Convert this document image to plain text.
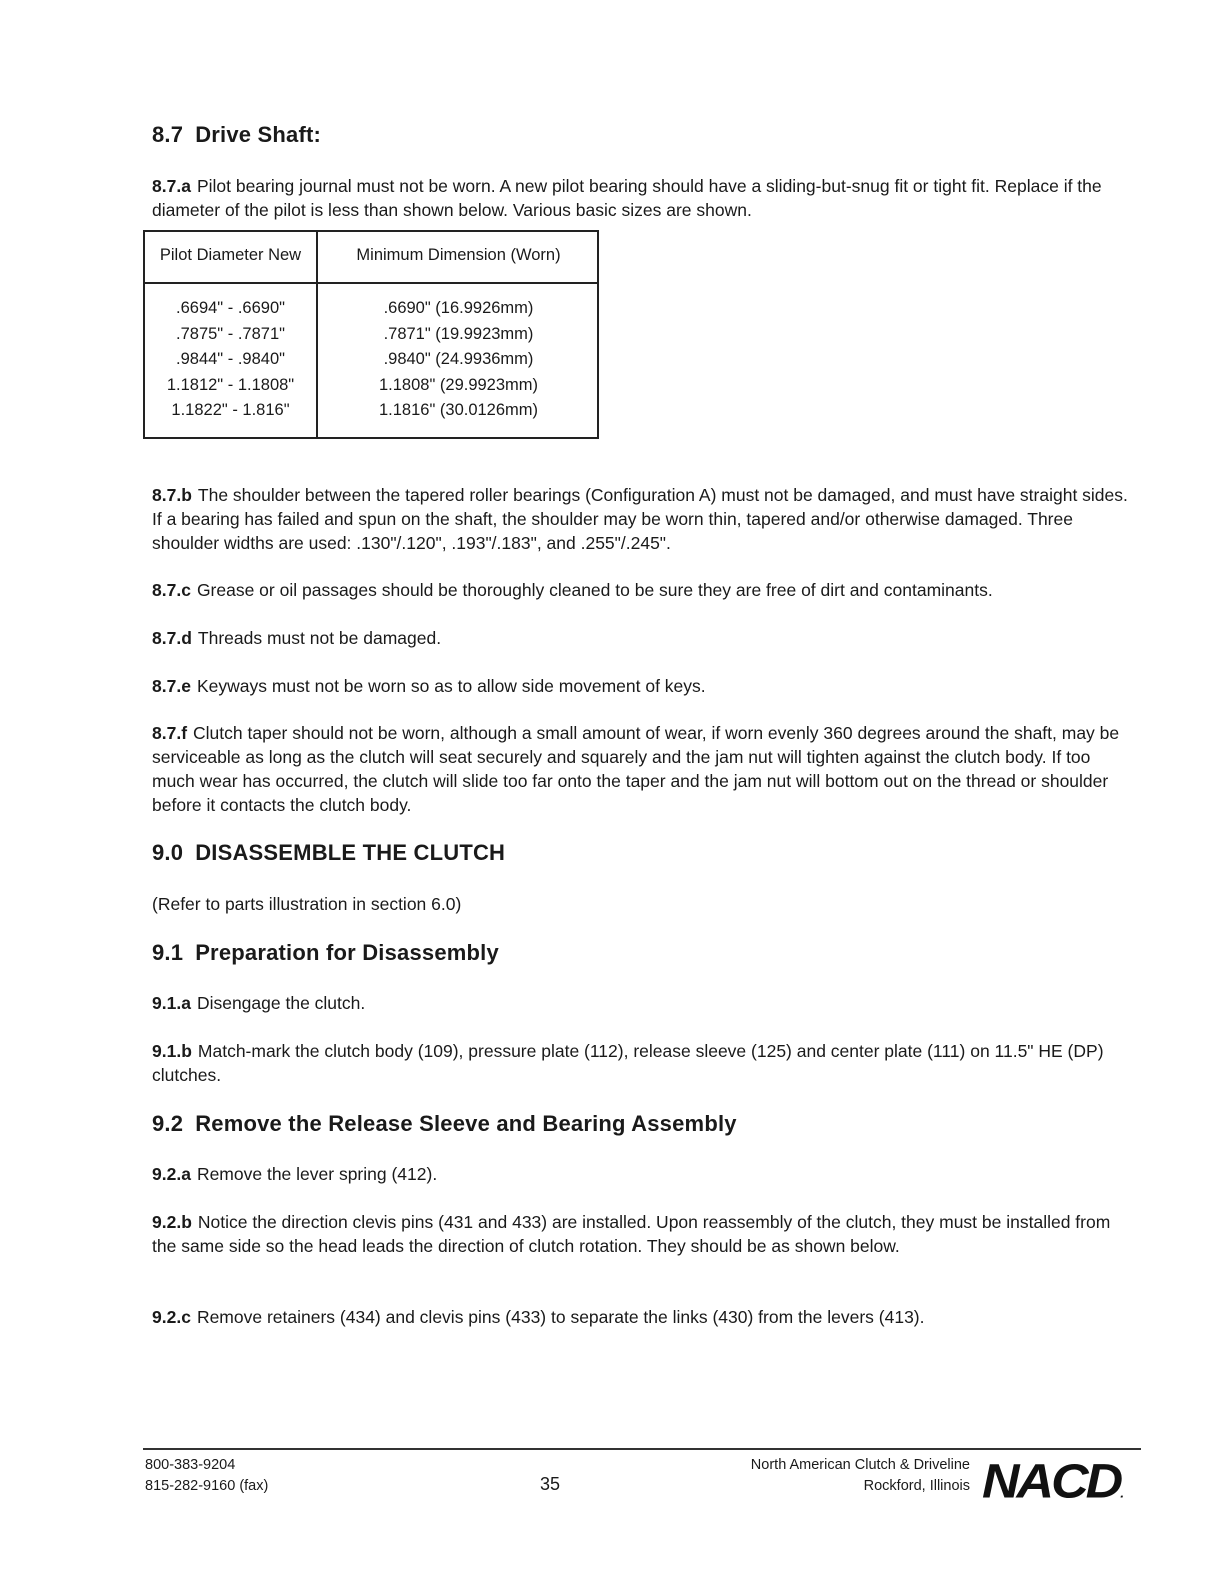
8.7 Drive Shaft:

8.7.a Pilot bearing journal must not be worn. A new pilot bearing should have a sliding-but-snug fit or tight fit. Replace if the diameter of the pilot is less than shown below. Various basic sizes are shown.

Pilot Diameter New	Minimum Dimension (Worn)
.6694" - .6690"
.7875" - .7871"
.9844" - .9840"
1.1812" - 1.1808"
1.1822" - 1.816"
.6690" (16.9926mm)
.7871" (19.9923mm)
.9840" (24.9936mm)
1.1808" (29.9923mm)
1.1816" (30.0126mm)

8.7.b The shoulder between the tapered roller bearings (Configuration A) must not be damaged, and must have straight sides. If a bearing has failed and spun on the shaft, the shoulder may be worn thin, tapered and/or otherwise damaged. Three shoulder widths are used: .130"/.120", .193"/.183", and .255"/.245".

8.7.c Grease or oil passages should be thoroughly cleaned to be sure they are free of dirt and contaminants.

8.7.d Threads must not be damaged.

8.7.e Keyways must not be worn so as to allow side movement of keys.

8.7.f Clutch taper should not be worn, although a small amount of wear, if worn evenly 360 degrees around the shaft, may be serviceable as long as the clutch will seat securely and squarely and the jam nut will tighten against the clutch body. If too much wear has occurred, the clutch will slide too far onto the taper and the jam nut will bottom out on the thread or shoulder before it contacts the clutch body.

9.0 DISASSEMBLE THE CLUTCH

(Refer to parts illustration in section 6.0)

9.1 Preparation for Disassembly

9.1.a Disengage the clutch.

9.1.b Match-mark the clutch body (109), pressure plate (112), release sleeve (125) and center plate (111) on 11.5" HE (DP) clutches.

9.2 Remove the Release Sleeve and Bearing Assembly

9.2.a Remove the lever spring (412).

9.2.b Notice the direction clevis pins (431 and 433) are installed. Upon reassembly of the clutch, they must be installed from the same side so the head leads the direction of clutch rotation. They should be as shown below.

9.2.c Remove retainers (434) and clevis pins (433) to separate the links (430) from the levers (413).

800-383-9204
815-282-9160 (fax)	35
North American Clutch & Driveline
Rockford, Illinois NACD.
